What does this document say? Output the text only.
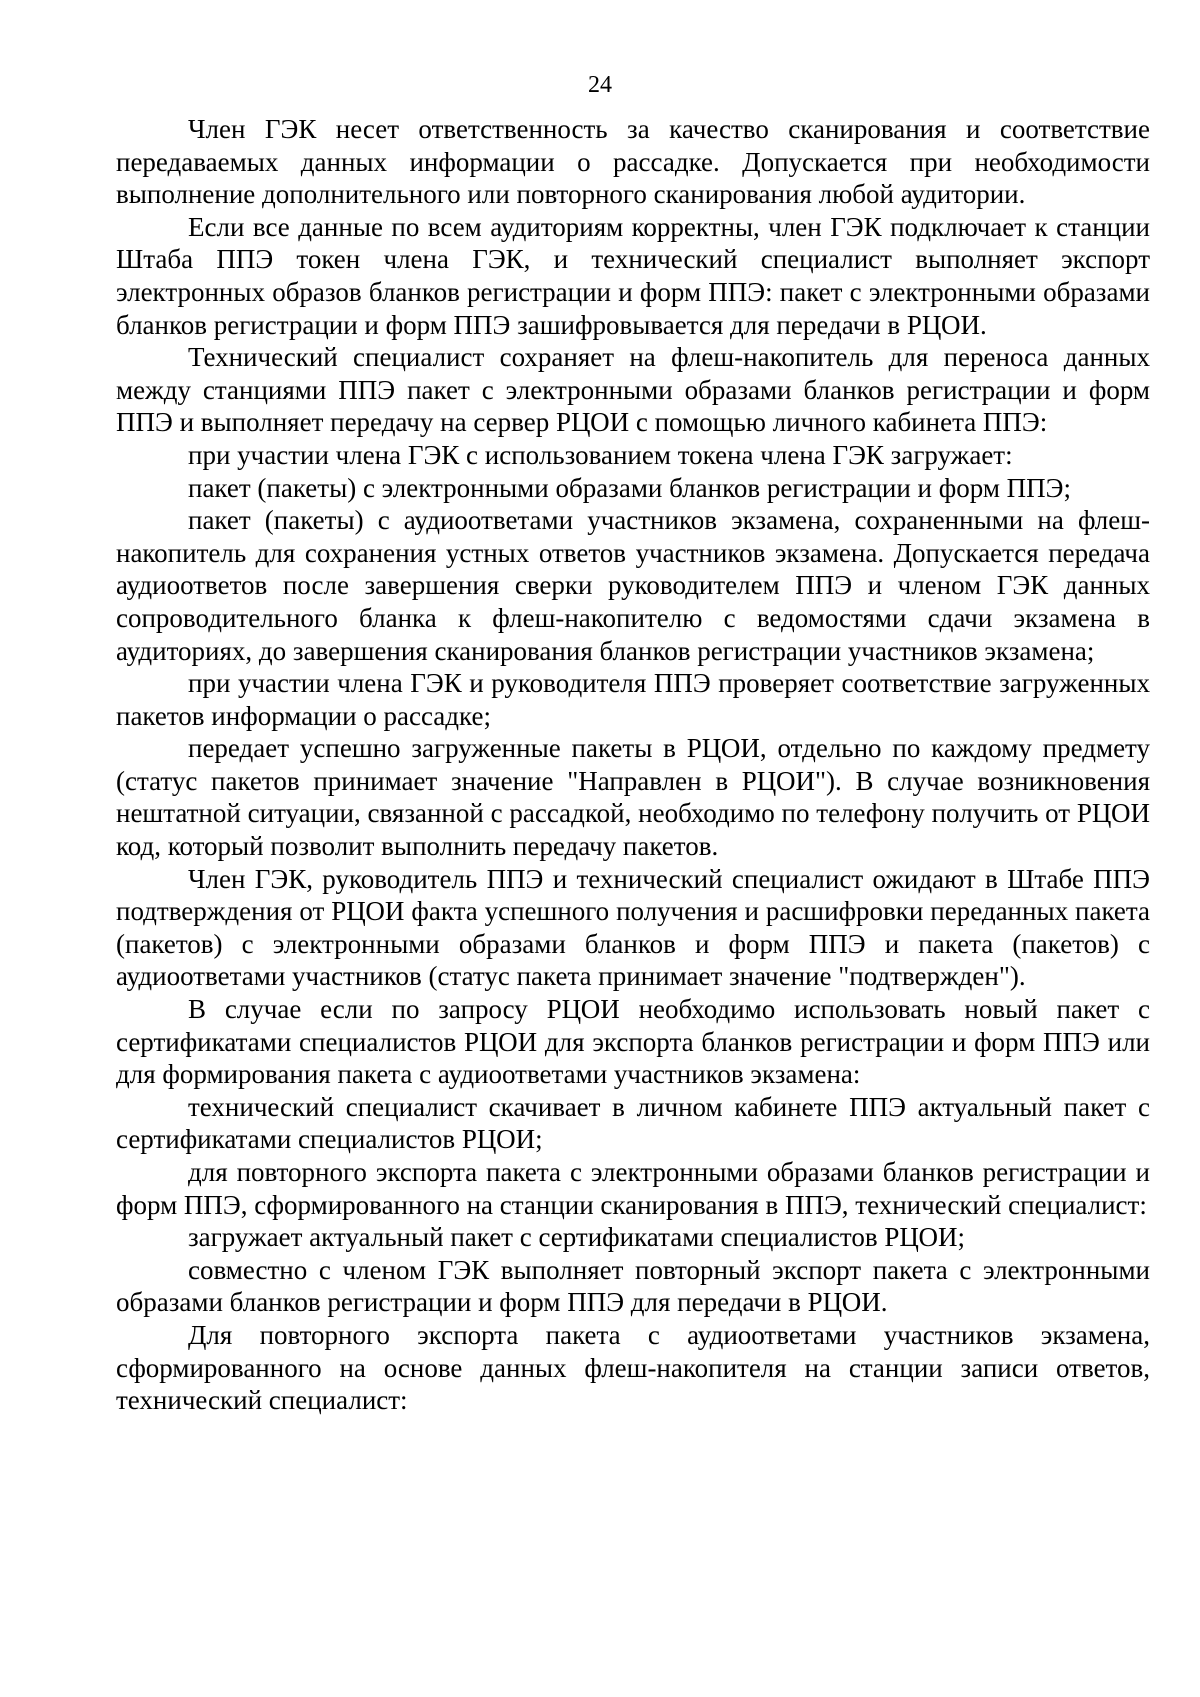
24

Член ГЭК несет ответственность за качество сканирования и соответствие передаваемых данных информации о рассадке. Допускается при необходимости выполнение дополнительного или повторного сканирования любой аудитории.

Если все данные по всем аудиториям корректны, член ГЭК подключает к станции Штаба ППЭ токен члена ГЭК, и технический специалист выполняет экспорт электронных образов бланков регистрации и форм ППЭ: пакет с электронными образами бланков регистрации и форм ППЭ зашифровывается для передачи в РЦОИ.

Технический специалист сохраняет на флеш-накопитель для переноса данных между станциями ППЭ пакет с электронными образами бланков регистрации и форм ППЭ и выполняет передачу на сервер РЦОИ с помощью личного кабинета ППЭ:

при участии члена ГЭК с использованием токена члена ГЭК загружает:

пакет (пакеты) с электронными образами бланков регистрации и форм ППЭ;

пакет (пакеты) с аудиоответами участников экзамена, сохраненными на флеш-накопитель для сохранения устных ответов участников экзамена. Допускается передача аудиоответов после завершения сверки руководителем ППЭ и членом ГЭК данных сопроводительного бланка к флеш-накопителю с ведомостями сдачи экзамена в аудиториях, до завершения сканирования бланков регистрации участников экзамена;

при участии члена ГЭК и руководителя ППЭ проверяет соответствие загруженных пакетов информации о рассадке;

передает успешно загруженные пакеты в РЦОИ, отдельно по каждому предмету (статус пакетов принимает значение "Направлен в РЦОИ"). В случае возникновения нештатной ситуации, связанной с рассадкой, необходимо по телефону получить от РЦОИ код, который позволит выполнить передачу пакетов.

Член ГЭК, руководитель ППЭ и технический специалист ожидают в Штабе ППЭ подтверждения от РЦОИ факта успешного получения и расшифровки переданных пакета (пакетов) с электронными образами бланков и форм ППЭ и пакета (пакетов) с аудиоответами участников (статус пакета принимает значение "подтвержден").

В случае если по запросу РЦОИ необходимо использовать новый пакет с сертификатами специалистов РЦОИ для экспорта бланков регистрации и форм ППЭ или для формирования пакета с аудиоответами участников экзамена:

технический специалист скачивает в личном кабинете ППЭ актуальный пакет с сертификатами специалистов РЦОИ;

для повторного экспорта пакета с электронными образами бланков регистрации и форм ППЭ, сформированного на станции сканирования в ППЭ, технический специалист:

загружает актуальный пакет с сертификатами специалистов РЦОИ;

совместно с членом ГЭК выполняет повторный экспорт пакета с электронными образами бланков регистрации и форм ППЭ для передачи в РЦОИ.

Для повторного экспорта пакета с аудиоответами участников экзамена, сформированного на основе данных флеш-накопителя на станции записи ответов, технический специалист:
